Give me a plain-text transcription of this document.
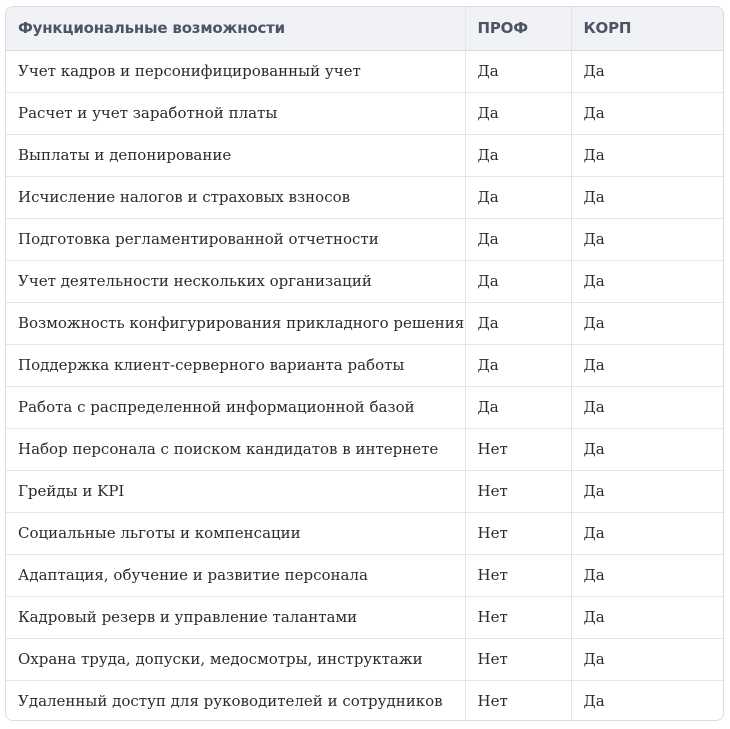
Функциональные возможности	ПРОФ	КОРП
Учет кадров и персонифицированный учет	Да	Да
Расчет и учет заработной платы	Да	Да
Выплаты и депонирование	Да	Да
Исчисление налогов и страховых взносов	Да	Да
Подготовка регламентированной отчетности	Да	Да
Учет деятельности нескольких организаций	Да	Да
Возможность конфигурирования прикладного решения	Да	Да
Поддержка клиент-серверного варианта работы	Да	Да
Работа с распределенной информационной базой	Да	Да
Набор персонала с поиском кандидатов в интернете	Нет	Да
Грейды и KPI	Нет	Да
Социальные льготы и компенсации	Нет	Да
Адаптация, обучение и развитие персонала	Нет	Да
Кадровый резерв и управление талантами	Нет	Да
Охрана труда, допуски, медосмотры, инструктажи	Нет	Да
Удаленный доступ для руководителей и сотрудников	Нет	Да
